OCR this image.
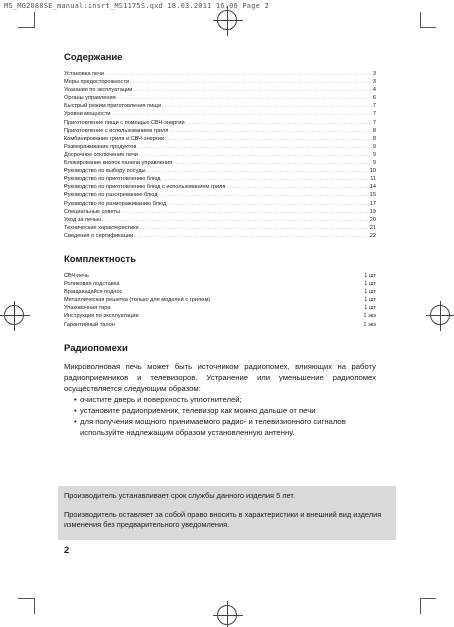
MS_MG2080SE_manual:insrt_MS1175S.qxd 18.03.2011 16:06 Page 2
Содержание
Установка печи . . .	3
Меры предосторожности . . .	3
Указания по эксплуатации . . .	4
Органы управления . . .	6
Быстрый режим приготовления пищи . . .	7
Уровни мощности . . .	7
Приготовление пищи с помощью СВЧ-энергии . . .	7
Приготовление с использованием гриля . . .	8
Комбинирование гриля и СВЧ-энергии . . .	8
Размораживание продуктов . . .	9
Досрочное отключение печи . . .	9
Блокирование кнопок панели управления . . .	9
Руководство по выбору посуды . . .	10
Руководство по приготовлению блюд . . .	11
Руководство по приготовлению блюд с использованием гриля . . .	14
Руководство по разогреванию блюд . . .	15
Руководство по размораживанию блюд . . .	17
Специальные советы . . .	19
Уход за печью . . .	20
Технические характеристики . . .	21
Сведения о сертификации . . .	22
Комплектность
СВЧ-печь	1 шт
Роликовая подставка	1 шт
Вращающийся поднос	1 шт
Металлическая решетка (только для моделей с грилем)	1 шт
Упаковочная тара	1 шт
Инструкция по эксплуатации	1 экз
Гарантийный талон	1 экз
Радиопомехи

Микроволновая печь может быть источником радиопомех, влияющих на работу радиоприемников и телевизоров. Устранение или уменьшение радиопомех осуществляется следующим образом:

• очистите дверь и поверхность уплотнителей;
• установите радиоприемник, телевизор как можно дальше от печи
• для получения мощного принимаемого радио- и телевизионного сигналов используйте надлежащим образом установленную антенну.

Производитель устанавливает срок службы данного изделия 5 лет.

Производитель оставляет за собой право вносить в характеристики и внешний вид изделия изменения без предварительного уведомления.

2
